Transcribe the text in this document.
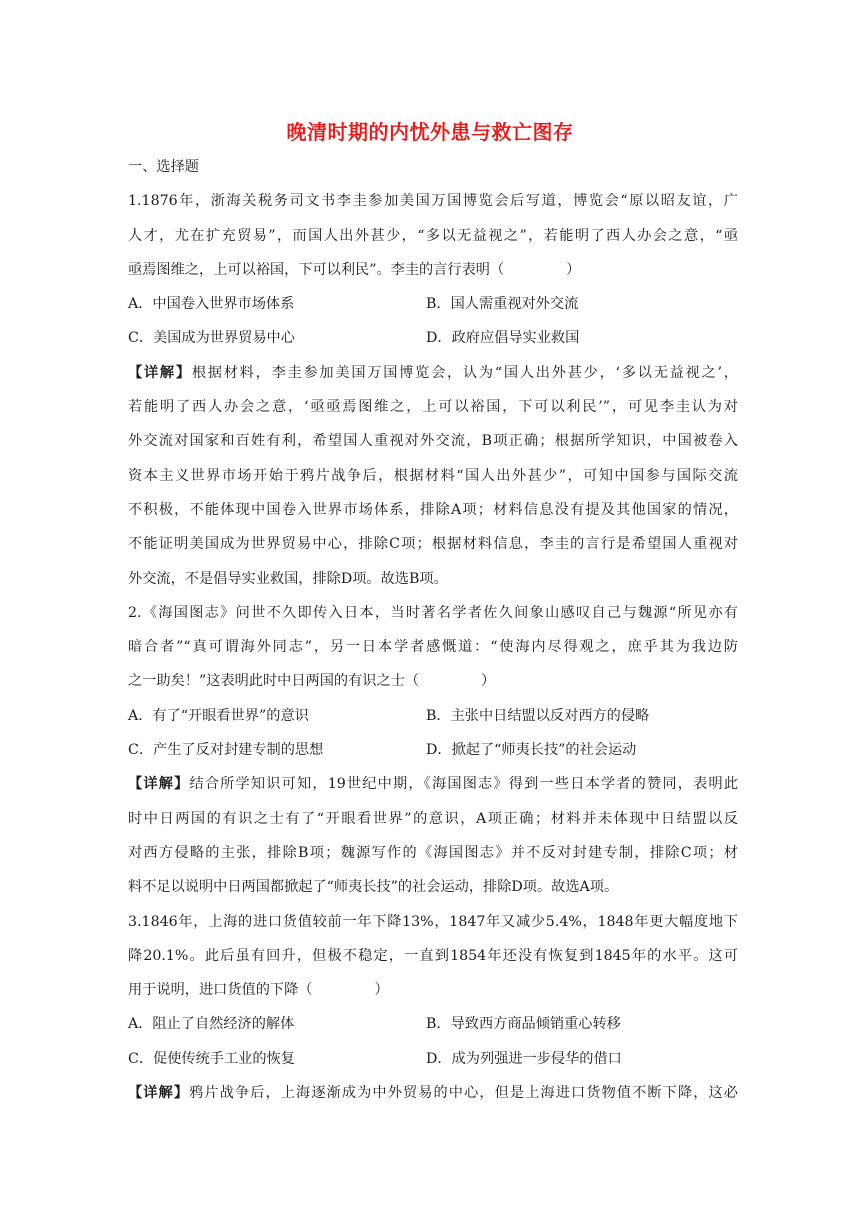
晚清时期的内忧外患与救亡图存
一、选择题
1.1876年，浙海关税务司文书李圭参加美国万国博览会后写道，博览会“原以昭友谊，广
人才，尤在扩充贸易”，而国人出外甚少，“多以无益视之”，若能明了西人办会之意，“亟
亟焉图维之，上可以裕国，下可以利民”。李圭的言行表明（	）
A．中国卷入世界市场体系	B．国人需重视对外交流
C．美国成为世界贸易中心	D．政府应倡导实业救国
【详解】根据材料，李圭参加美国万国博览会，认为“国人出外甚少，‘多以无益视之’，
若能明了西人办会之意，‘亟亟焉图维之，上可以裕国，下可以利民’”，可见李圭认为对
外交流对国家和百姓有利，希望国人重视对外交流，B项正确；根据所学知识，中国被卷入
资本主义世界市场开始于鸦片战争后，根据材料“国人出外甚少”，可知中国参与国际交流
不积极，不能体现中国卷入世界市场体系，排除A项；材料信息没有提及其他国家的情况，
不能证明美国成为世界贸易中心，排除C项；根据材料信息，李圭的言行是希望国人重视对
外交流，不是倡导实业救国，排除D项。故选B项。
2.《海国图志》问世不久即传入日本，当时著名学者佐久间象山感叹自己与魏源“所见亦有
暗合者”“真可谓海外同志”，另一日本学者感慨道：“使海内尽得观之，庶乎其为我边防
之一助矣！”这表明此时中日两国的有识之士（	）
A．有了“开眼看世界”的意识	B．主张中日结盟以反对西方的侵略
C．产生了反对封建专制的思想	D．掀起了“师夷长技”的社会运动
【详解】结合所学知识可知，19世纪中期，《海国图志》得到一些日本学者的赞同，表明此
时中日两国的有识之士有了“开眼看世界”的意识，A项正确；材料并未体现中日结盟以反
对西方侵略的主张，排除B项；魏源写作的《海国图志》并不反对封建专制，排除C项；材
料不足以说明中日两国都掀起了“师夷长技”的社会运动，排除D项。故选A项。
3.1846年，上海的进口货值较前一年下降13%，1847年又减少5.4%，1848年更大幅度地下
降20.1%。此后虽有回升，但极不稳定，一直到1854年还没有恢复到1845年的水平。这可
用于说明，进口货值的下降（	）
A．阻止了自然经济的解体	B．导致西方商品倾销重心转移
C．促使传统手工业的恢复	D．成为列强进一步侵华的借口
【详解】鸦片战争后，上海逐渐成为中外贸易的中心，但是上海进口货物值不断下降，这必
